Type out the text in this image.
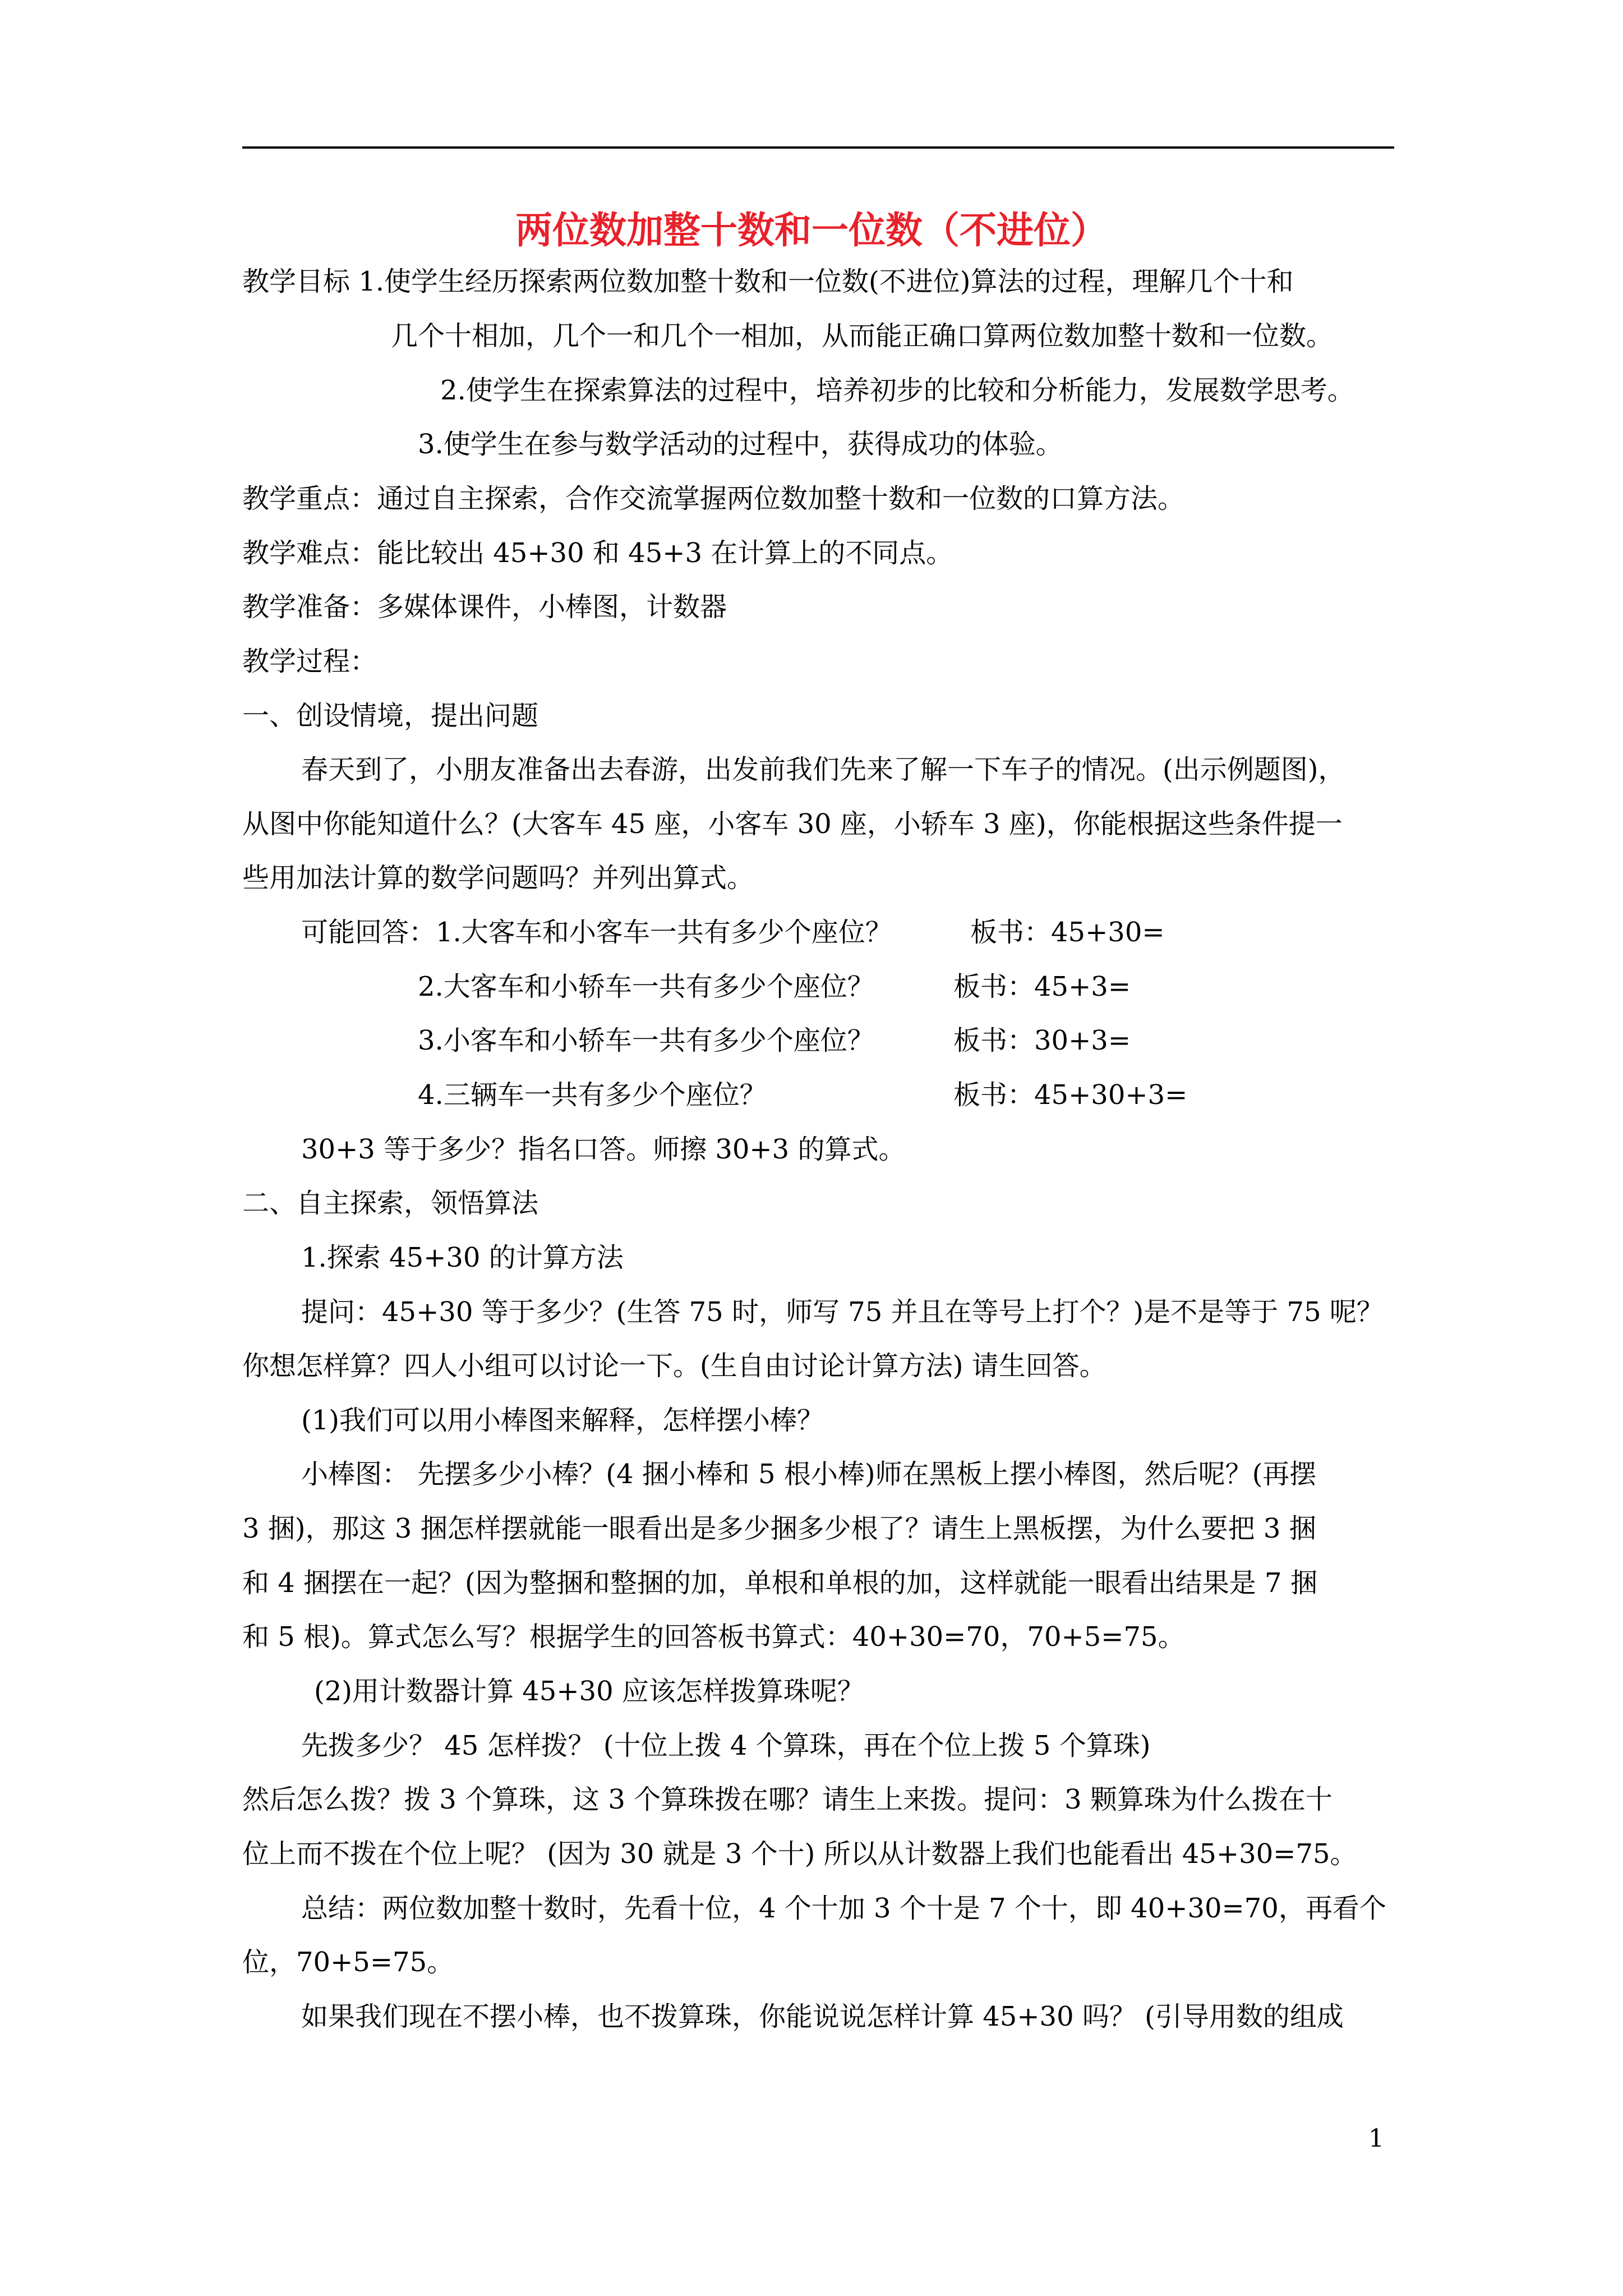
两位数加整十数和一位数（不进位）
教学目标 1.使学生经历探索两位数加整十数和一位数(不进位)算法的过程，理解几个十和
几个十相加，几个一和几个一相加，从而能正确口算两位数加整十数和一位数。
2.使学生在探索算法的过程中，培养初步的比较和分析能力，发展数学思考。
3.使学生在参与数学活动的过程中，获得成功的体验。
教学重点：通过自主探索，合作交流掌握两位数加整十数和一位数的口算方法。
教学难点：能比较出 45+30 和 45+3 在计算上的不同点。
教学准备：多媒体课件，小棒图，计数器
教学过程：
一、创设情境，提出问题
春天到了，小朋友准备出去春游，出发前我们先来了解一下车子的情况。(出示例题图)，
从图中你能知道什么？(大客车 45 座，小客车 30 座，小轿车 3 座)，你能根据这些条件提一
些用加法计算的数学问题吗？并列出算式。
可能回答：1.大客车和小客车一共有多少个座位？	板书：45+30=
2.大客车和小轿车一共有多少个座位？	板书：45+3=
3.小客车和小轿车一共有多少个座位？	板书：30+3=
4.三辆车一共有多少个座位？	板书：45+30+3=
30+3 等于多少？指名口答。师擦 30+3 的算式。
二、自主探索，领悟算法
1.探索 45+30 的计算方法
提问：45+30 等于多少？(生答 75 时，师写 75 并且在等号上打个？)是不是等于 75 呢？
你想怎样算？四人小组可以讨论一下。(生自由讨论计算方法) 请生回答。
(1)我们可以用小棒图来解释，怎样摆小棒？
小棒图： 先摆多少小棒？(4 捆小棒和 5 根小棒)师在黑板上摆小棒图，然后呢？(再摆
3 捆)，那这 3 捆怎样摆就能一眼看出是多少捆多少根了？请生上黑板摆，为什么要把 3 捆
和 4 捆摆在一起？(因为整捆和整捆的加，单根和单根的加，这样就能一眼看出结果是 7 捆
和 5 根)。算式怎么写？根据学生的回答板书算式：40+30=70，70+5=75。
(2)用计数器计算 45+30 应该怎样拨算珠呢？
先拨多少？ 45 怎样拨？ (十位上拨 4 个算珠，再在个位上拨 5 个算珠)
然后怎么拨？拨 3 个算珠，这 3 个算珠拨在哪？请生上来拨。提问：3 颗算珠为什么拨在十
位上而不拨在个位上呢？ (因为 30 就是 3 个十) 所以从计数器上我们也能看出 45+30=75。
总结：两位数加整十数时，先看十位，4 个十加 3 个十是 7 个十，即 40+30=70，再看个
位，70+5=75。
如果我们现在不摆小棒，也不拨算珠，你能说说怎样计算 45+30 吗？ (引导用数的组成
1
